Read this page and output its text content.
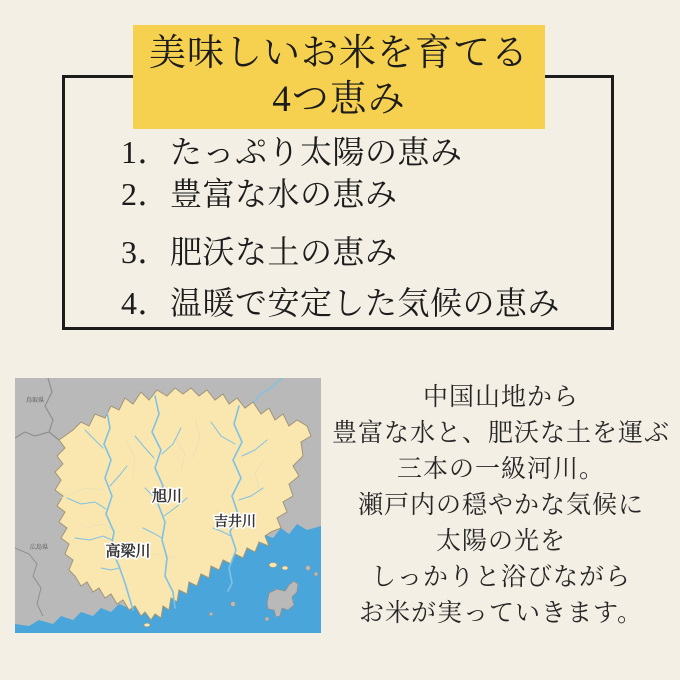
美味しいお米を育てる
4つ恵み
1．たっぷり太陽の恵み
2．豊富な水の恵み
3．肥沃な土の恵み
4．温暖で安定した気候の恵み
旭川
吉井川
高梁川
鳥取県
広島県
中国山地から
豊富な水と、肥沃な土を運ぶ
三本の一級河川。
瀬戸内の穏やかな気候に
太陽の光を
しっかりと浴びながら
お米が実っていきます。
